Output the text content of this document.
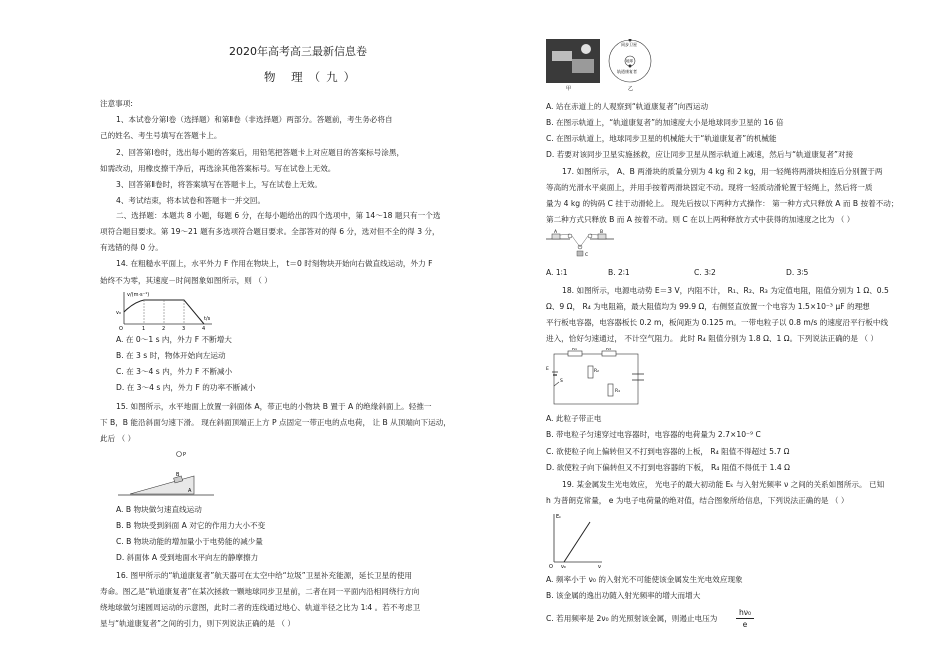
2020年高考高三最新信息卷
物 理（九）
注意事项:
1、本试卷分第Ⅰ卷（选择题）和第Ⅱ卷（非选择题）两部分。答题前，考生务必将自
己的姓名、考生号填写在答题卡上。
2、回答第Ⅰ卷时，选出每小题的答案后，用铅笔把答题卡上对应题目的答案标号涂黑，
如需改动，用橡皮擦干净后，再选涂其他答案标号。写在试卷上无效。
3、回答第Ⅱ卷时，将答案填写在答题卡上，写在试卷上无效。
4、考试结束，将本试卷和答题卡一并交回。
二、选择题：本题共 8 小题，每题 6 分，在每小题给出的四个选项中，第 14～18 题只有一个选
项符合题目要求。第 19～21 题有多选项符合题目要求。全部答对的得 6 分，选对但不全的得 3 分，
有选错的得 0 分。
14. 在粗糙水平面上，水平外力 F 作用在物块上， t＝0 时刻物块开始向右做直线运动，外力 F
始终不为零，其速度－时间图象如图所示，则 （ ）
v/(m·s⁻¹)
v₀
O	1	2	3	4
t/s
A. 在 0～1 s 内，外力 F 不断增大
B. 在 3 s 时，物体开始向左运动
C. 在 3～4 s 内，外力 F 不断减小
D. 在 3～4 s 内，外力 F 的功率不断减小
15. 如图所示，水平地面上放置一斜面体 A，带正电的小物块 B 置于 A 的绝缘斜面上。轻推一
下 B，B 能沿斜面匀速下滑。 现在斜面顶端正上方 P 点固定一带正电的点电荷， 让 B 从顶端向下运动，
此后 （ ）
P
B
A
A. B 物块做匀速直线运动
B. B 物块受到斜面 A 对它的作用力大小不变
C. B 物块动能的增加量小于电势能的减少量
D. 斜面体 A 受到地面水平向左的静摩擦力
16. 图甲所示的“轨道康复者”航天器可在太空中给“垃圾”卫星补充能源，延长卫星的使用
寿命。图乙是“轨道康复者”在某次拯救一颗地球同步卫星前，二者在同一平面内沿相同绕行方向
绕地球做匀速圆周运动的示意图，此时二者的连线通过地心、轨道半径之比为 1∶4 。若不考虑卫
星与“轨道康复者”之间的引力，则下列说法正确的是 （ ）
甲
同步卫星
地球
轨道康复者
乙
A. 站在赤道上的人观察到“轨道康复者”向西运动
B. 在图示轨道上，“轨道康复者”的加速度大小是地球同步卫星的 16 倍
C. 在图示轨道上，地球同步卫星的机械能大于“轨道康复者”的机械能
D. 若要对该同步卫星实施拯救，应让同步卫星从图示轨道上减速，然后与“轨道康复者”对接
17. 如图所示， A、B 两滑块的质量分别为 4 kg 和 2 kg，用一轻绳将两滑块相连后分别置于两
等高的光滑水平桌面上，并用手按着两滑块固定不动。现将一轻质动滑轮置于轻绳上，然后将一质
量为 4 kg 的钩码 C 挂于动滑轮上。 现先后按以下两种方式操作： 第一种方式只释放 A 而 B 按着不动；
第二种方式只释放 B 而 A 按着不动。则 C 在以上两种释放方式中获得的加速度之比为 （ ）
A	B
C
A. 1∶1	B. 2∶1	C. 3∶2	D. 3∶5
18. 如图所示，电源电动势 E＝3 V，内阻不计， R₁、R₂、R₃ 为定值电阻，阻值分别为 1 Ω、0.5
Ω、9 Ω， R₄ 为电阻箱，最大阻值均为 99.9 Ω，右侧竖直放置一个电容为 1.5×10⁻³ μF 的理想
平行板电容器，电容器板长 0.2 m，板间距为 0.125 m。一带电粒子以 0.8 m/s 的速度沿平行板中线
进入，恰好匀速通过， 不计空气阻力。 此时 R₄ 阻值分别为 1.8 Ω、1 Ω。下列说法正确的是 （ ）
R₁
R₂
R₃
R₄
E
S
A. 此粒子带正电
B. 带电粒子匀速穿过电容器时，电容器的电荷量为 2.7×10⁻⁹ C
C. 欲使粒子向上偏转但又不打到电容器的上板， R₄ 阻值不得超过 5.7 Ω
D. 欲使粒子向下偏转但又不打到电容器的下板， R₄ 阻值不得低于 1.4 Ω
19. 某金属发生光电效应， 光电子的最大初动能 Eₖ 与入射光频率 ν 之间的关系如图所示。 已知
h 为普朗克常量， e 为电子电荷量的绝对值，结合图象所给信息，下列说法正确的是 （ ）
Eₖ
O ν₀	ν
A. 频率小于 ν₀ 的入射光不可能使该金属发生光电效应现象
B. 该金属的逸出功随入射光频率的增大而增大
C. 若用频率是 2ν₀ 的光照射该金属，则遏止电压为
hν₀
e
